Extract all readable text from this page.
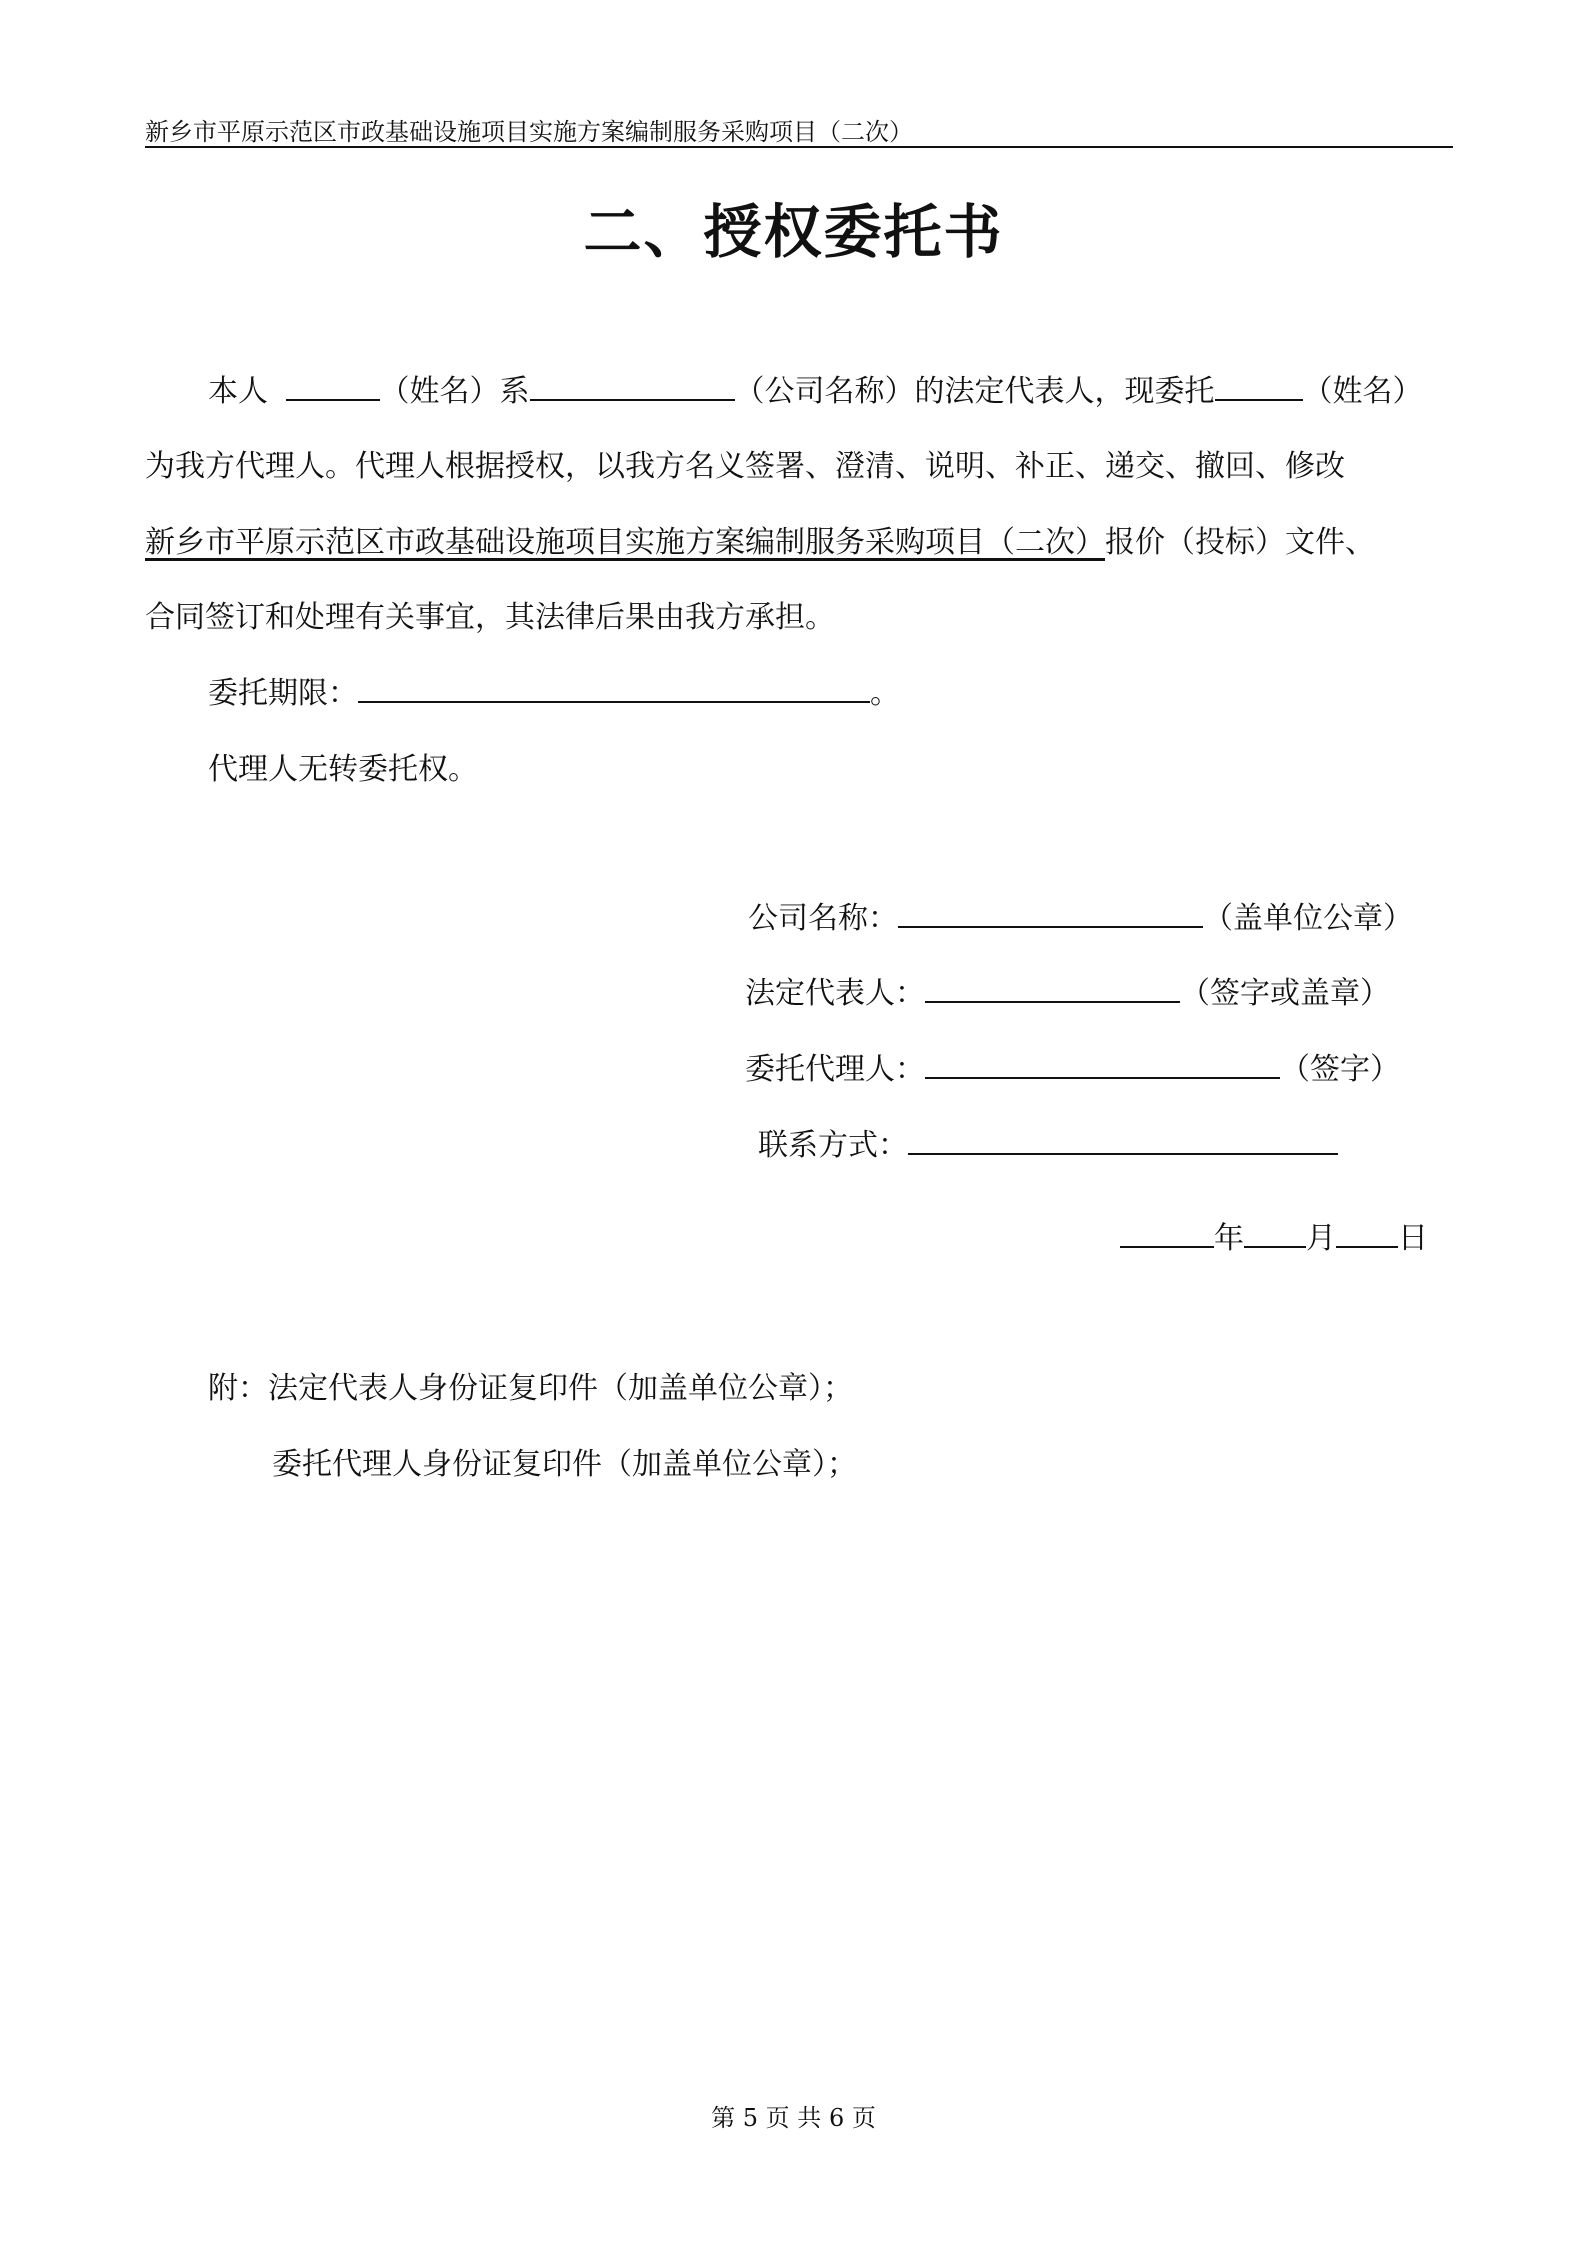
新乡市平原示范区市政基础设施项目实施方案编制服务采购项目（二次）
二、授权委托书
本人	（姓名）系	（公司名称）的法定代表人，现委托	（姓名）
为我方代理人。代理人根据授权，以我方名义签署、澄清、说明、补正、递交、撤回、修改
新乡市平原示范区市政基础设施项目实施方案编制服务采购项目（二次）报价（投标）文件、
合同签订和处理有关事宜，其法律后果由我方承担。
委托期限：	。
代理人无转委托权。
公司名称：	（盖单位公章）
法定代表人：	（签字或盖章）
委托代理人：	（签字）
联系方式：
年 月 日
附：法定代表人身份证复印件（加盖单位公章）；
委托代理人身份证复印件（加盖单位公章）；
第 5 页 共 6 页
